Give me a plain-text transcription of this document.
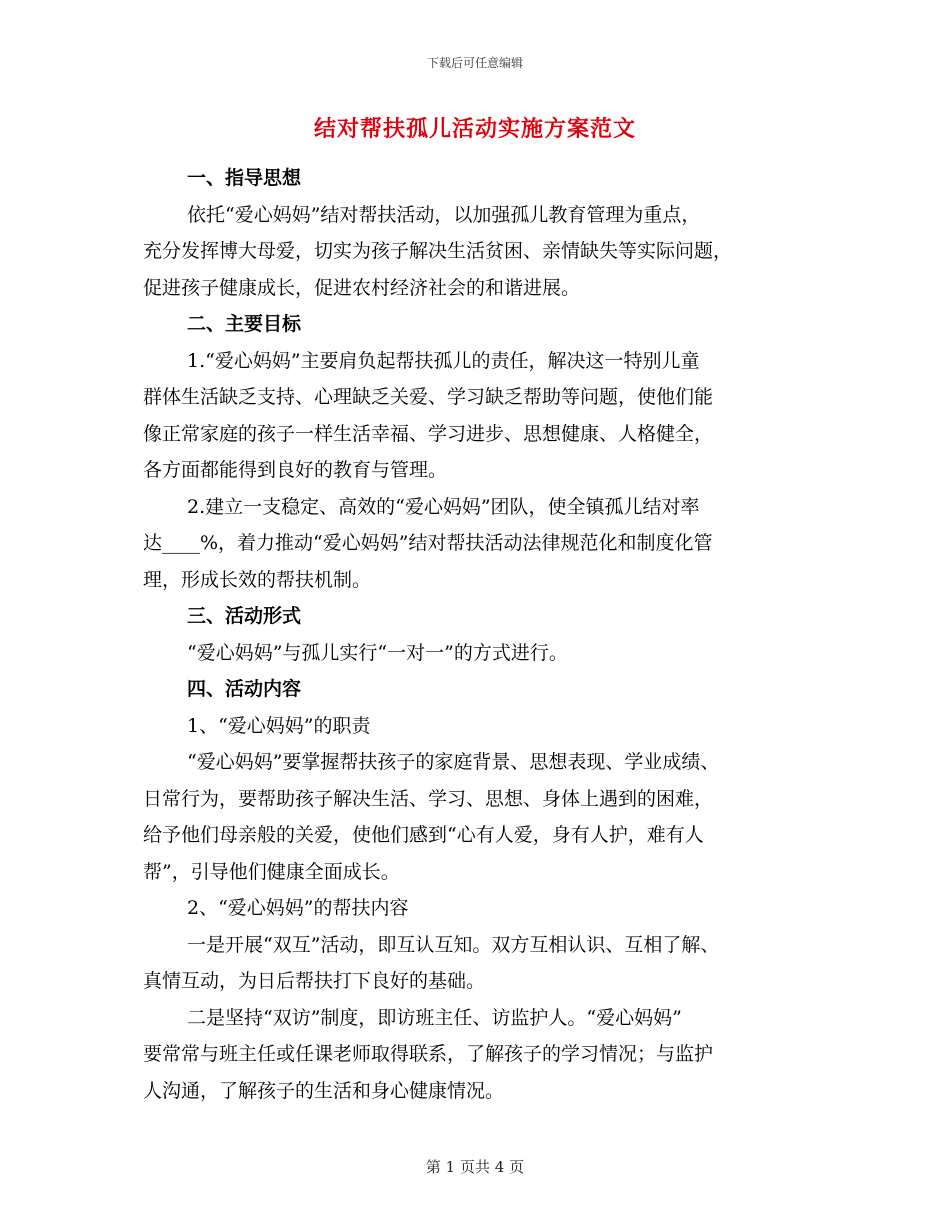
下载后可任意编辑
结对帮扶孤儿活动实施方案范文
一、指导思想
依托“爱心妈妈”结对帮扶活动，以加强孤儿教育管理为重点，
充分发挥博大母爱，切实为孩子解决生活贫困、亲情缺失等实际问题，
促进孩子健康成长，促进农村经济社会的和谐进展。
二、主要目标
1.“爱心妈妈”主要肩负起帮扶孤儿的责任，解决这一特别儿童
群体生活缺乏支持、心理缺乏关爱、学习缺乏帮助等问题，使他们能
像正常家庭的孩子一样生活幸福、学习进步、思想健康、人格健全，
各方面都能得到良好的教育与管理。
2.建立一支稳定、高效的“爱心妈妈”团队，使全镇孤儿结对率
达____%，着力推动“爱心妈妈”结对帮扶活动法律规范化和制度化管
理，形成长效的帮扶机制。
三、活动形式
“爱心妈妈”与孤儿实行“一对一”的方式进行。
四、活动内容
1、“爱心妈妈”的职责
“爱心妈妈”要掌握帮扶孩子的家庭背景、思想表现、学业成绩、
日常行为，要帮助孩子解决生活、学习、思想、身体上遇到的困难，
给予他们母亲般的关爱，使他们感到“心有人爱，身有人护，难有人
帮”，引导他们健康全面成长。
2、“爱心妈妈”的帮扶内容
一是开展“双互”活动，即互认互知。双方互相认识、互相了解、
真情互动，为日后帮扶打下良好的基础。
二是坚持“双访”制度，即访班主任、访监护人。“爱心妈妈”
要常常与班主任或任课老师取得联系，了解孩子的学习情况；与监护
人沟通，了解孩子的生活和身心健康情况。
第 1 页共 4 页
